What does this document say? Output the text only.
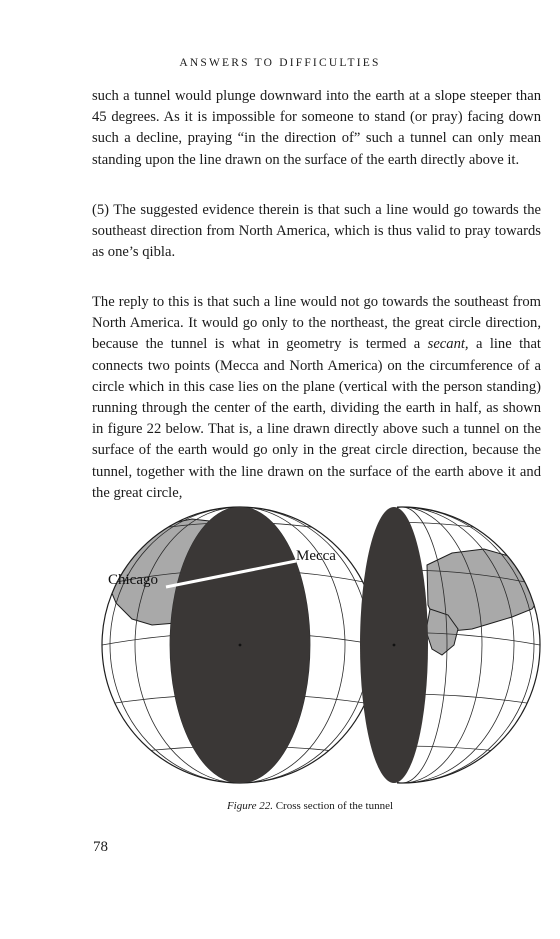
ANSWERS TO DIFFICULTIES

such a tunnel would plunge downward into the earth at a slope steeper than 45 degrees. As it is impossible for someone to stand (or pray) facing down such a decline, praying “in the direction of” such a tunnel can only mean standing upon the line drawn on the surface of the earth directly above it.

(5) The suggested evidence therein is that such a line would go towards the southeast direction from North America, which is thus valid to pray towards as one’s qibla.

The reply to this is that such a line would not go towards the southeast from North America. It would go only to the northeast, the great circle direction, because the tunnel is what in geometry is termed a secant, a line that connects two points (Mecca and North America) on the circumference of a circle which in this case lies on the plane (vertical with the person standing) running through the center of the earth, dividing the earth in half, as shown in figure 22 below. That is, a line drawn directly above such a tunnel on the surface of the earth would go only in the great circle direction, because the tunnel, together with the line drawn on the surface of the earth above it and the great circle,

Chicago
Mecca
Figure 22. Cross section of the tunnel
78
